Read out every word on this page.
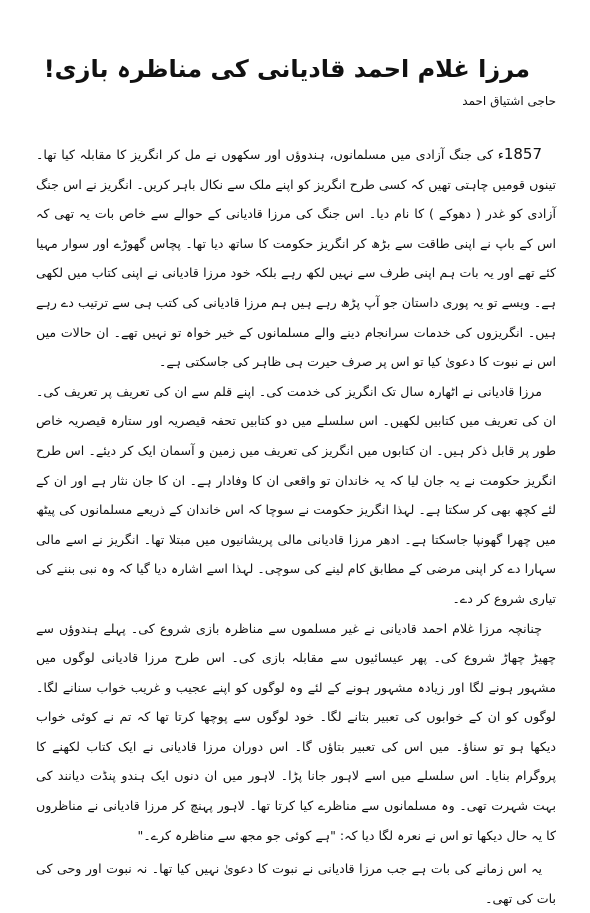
مرزا غلام احمد قادیانی کی مناظرہ بازی!
حاجی اشتیاق احمد

1857ء کی جنگ آزادی میں مسلمانوں، ہندوؤں اور سکھوں نے مل کر انگریز کا مقابلہ کیا تھا۔ تینوں قومیں چاہتی تھیں کہ کسی طرح انگریز کو اپنے ملک سے نکال باہر کریں۔ انگریز نے اس جنگ آزادی کو غدر ( دھوکے ) کا نام دیا۔ اس جنگ کی مرزا قادیانی کے حوالے سے خاص بات یہ تھی کہ اس کے باپ نے اپنی طاقت سے بڑھ کر انگریز حکومت کا ساتھ دیا تھا۔ پچاس گھوڑے اور سوار مہیا کئے تھے اور یہ بات ہم اپنی طرف سے نہیں لکھ رہے بلکہ خود مرزا قادیانی نے اپنی کتاب میں لکھی ہے۔ ویسے تو یہ پوری داستان جو آپ پڑھ رہے ہیں ہم مرزا قادیانی کی کتب ہی سے ترتیب دے رہے ہیں۔ انگریزوں کی خدمات سرانجام دینے والے مسلمانوں کے خیر خواہ تو نہیں تھے۔ ان حالات میں اس نے نبوت کا دعویٰ کیا تو اس پر صرف حیرت ہی ظاہر کی جاسکتی ہے۔

مرزا قادیانی نے اٹھارہ سال تک انگریز کی خدمت کی۔ اپنے قلم سے ان کی تعریف پر تعریف کی۔ ان کی تعریف میں کتابیں لکھیں۔ اس سلسلے میں دو کتابیں تحفہ قیصریہ اور ستارہ قیصریہ خاص طور پر قابل ذکر ہیں۔ ان کتابوں میں انگریز کی تعریف میں زمین و آسمان ایک کر دیئے۔ اس طرح انگریز حکومت نے یہ جان لیا کہ یہ خاندان تو واقعی ان کا وفادار ہے۔ ان کا جان نثار ہے اور ان کے لئے کچھ بھی کر سکتا ہے۔ لہذا انگریز حکومت نے سوچا کہ اس خاندان کے ذریعے مسلمانوں کی پیٹھ میں چھرا گھونپا جاسکتا ہے۔ ادھر مرزا قادیانی مالی پریشانیوں میں مبتلا تھا۔ انگریز نے اسے مالی سہارا دے کر اپنی مرضی کے مطابق کام لینے کی سوچی۔ لہذا اسے اشارہ دیا گیا کہ وہ نبی بننے کی تیاری شروع کر دے۔

چنانچہ مرزا غلام احمد قادیانی نے غیر مسلموں سے مناظرہ بازی شروع کی۔ پہلے ہندوؤں سے چھیڑ چھاڑ شروع کی۔ پھر عیسائیوں سے مقابلہ بازی کی۔ اس طرح مرزا قادیانی لوگوں میں مشہور ہونے لگا اور زیادہ مشہور ہونے کے لئے وہ لوگوں کو اپنے عجیب و غریب خواب سنانے لگا۔ لوگوں کو ان کے خوابوں کی تعبیر بتانے لگا۔ خود لوگوں سے پوچھا کرتا تھا کہ تم نے کوئی خواب دیکھا ہو تو سناؤ۔ میں اس کی تعبیر بتاؤں گا۔ اس دوران مرزا قادیانی نے ایک کتاب لکھنے کا پروگرام بنایا۔ اس سلسلے میں اسے لاہور جانا پڑا۔ لاہور میں ان دنوں ایک ہندو پنڈت دیانند کی بہت شہرت تھی۔ وہ مسلمانوں سے مناظرے کیا کرتا تھا۔ لاہور پہنچ کر مرزا قادیانی نے مناظروں کا یہ حال دیکھا تو اس نے نعرہ لگا دیا کہ: "ہے کوئی جو مجھ سے مناظرہ کرے۔"

یہ اس زمانے کی بات ہے جب مرزا قادیانی نے نبوت کا دعویٰ نہیں کیا تھا۔ نہ نبوت اور وحی کی بات کی تھی۔
